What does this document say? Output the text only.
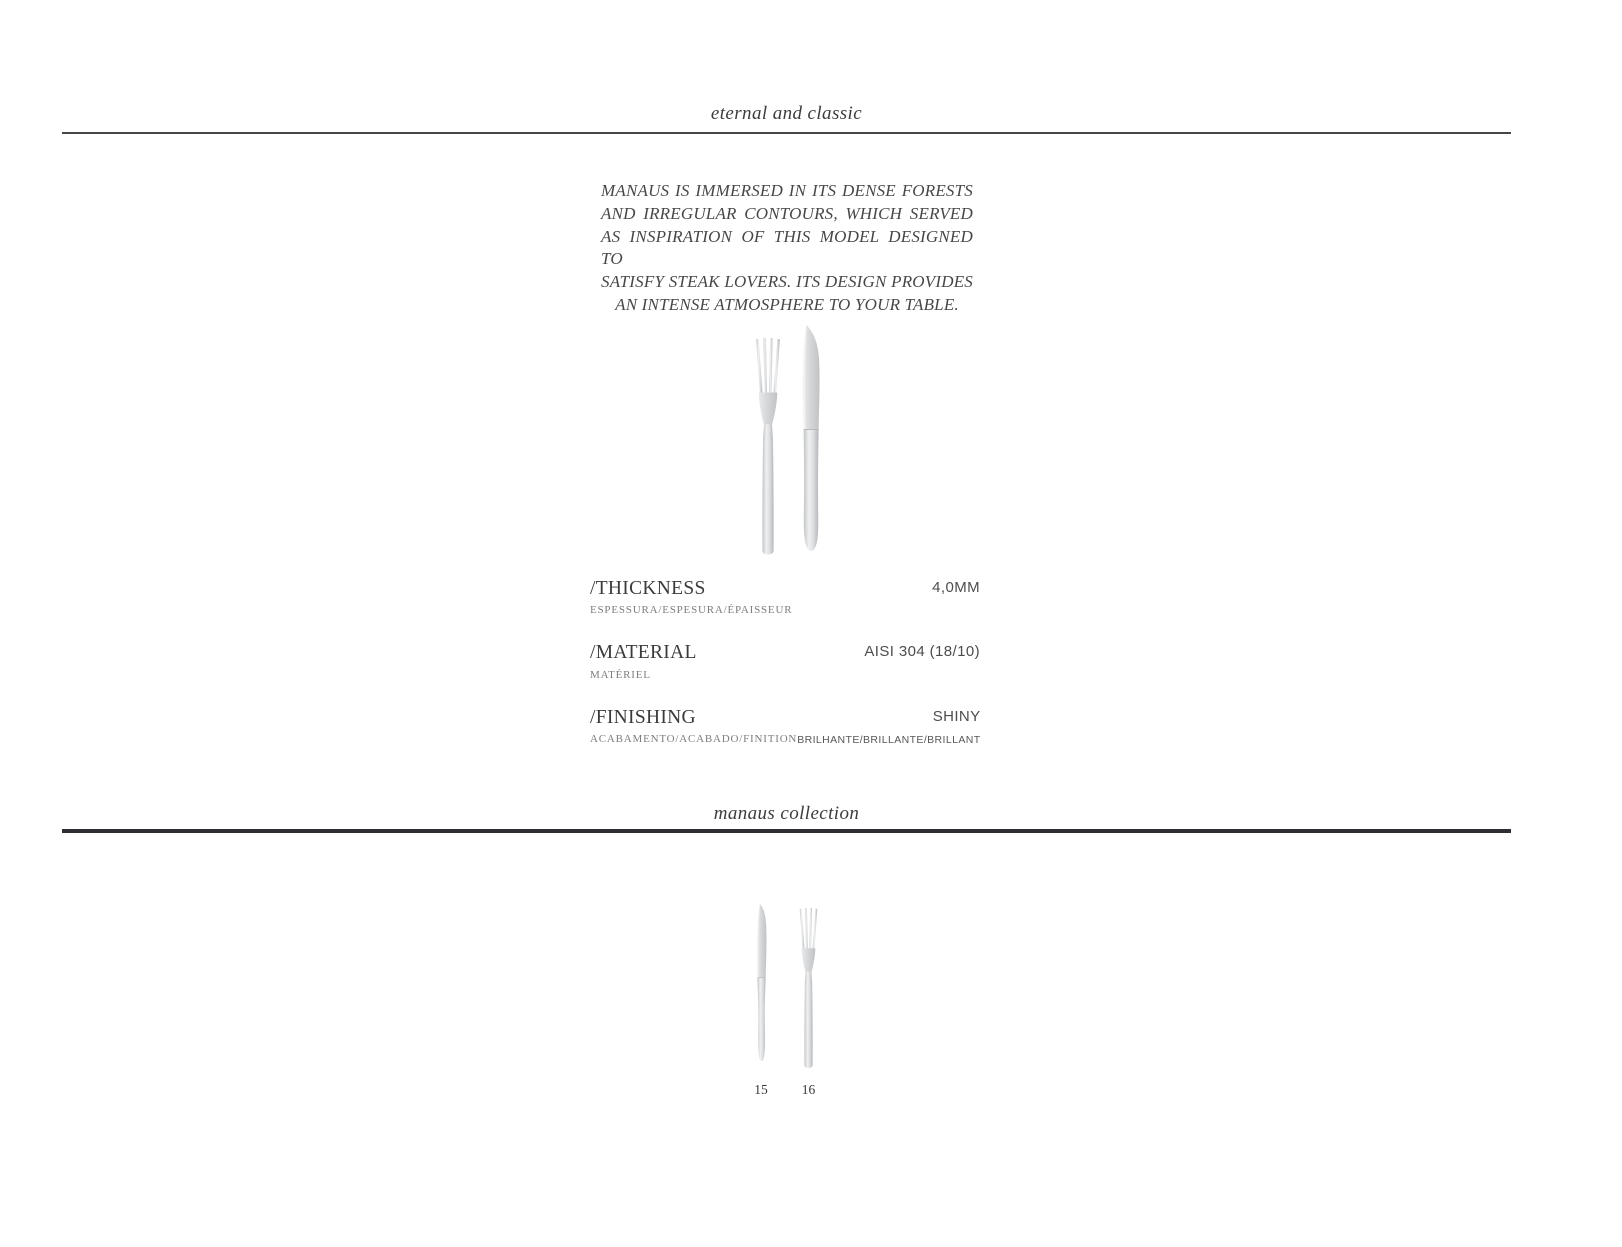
eternal and classic
MANAUS IS IMMERSED IN ITS DENSE FORESTS
AND IRREGULAR CONTOURS, WHICH SERVED
AS INSPIRATION OF THIS MODEL DESIGNED TO
SATISFY STEAK LOVERS. ITS DESIGN PROVIDES
AN INTENSE ATMOSPHERE TO YOUR TABLE.
/THICKNESS
ESPESSURA/ESPESURA/ÉPAISSEUR
4,0MM
/MATERIAL
MATÉRIEL
AISI 304 (18/10)
/FINISHING
ACABAMENTO/ACABADO/FINITION
SHINY
BRILHANTE/BRILLANTE/BRILLANT
manaus collection
15	16
